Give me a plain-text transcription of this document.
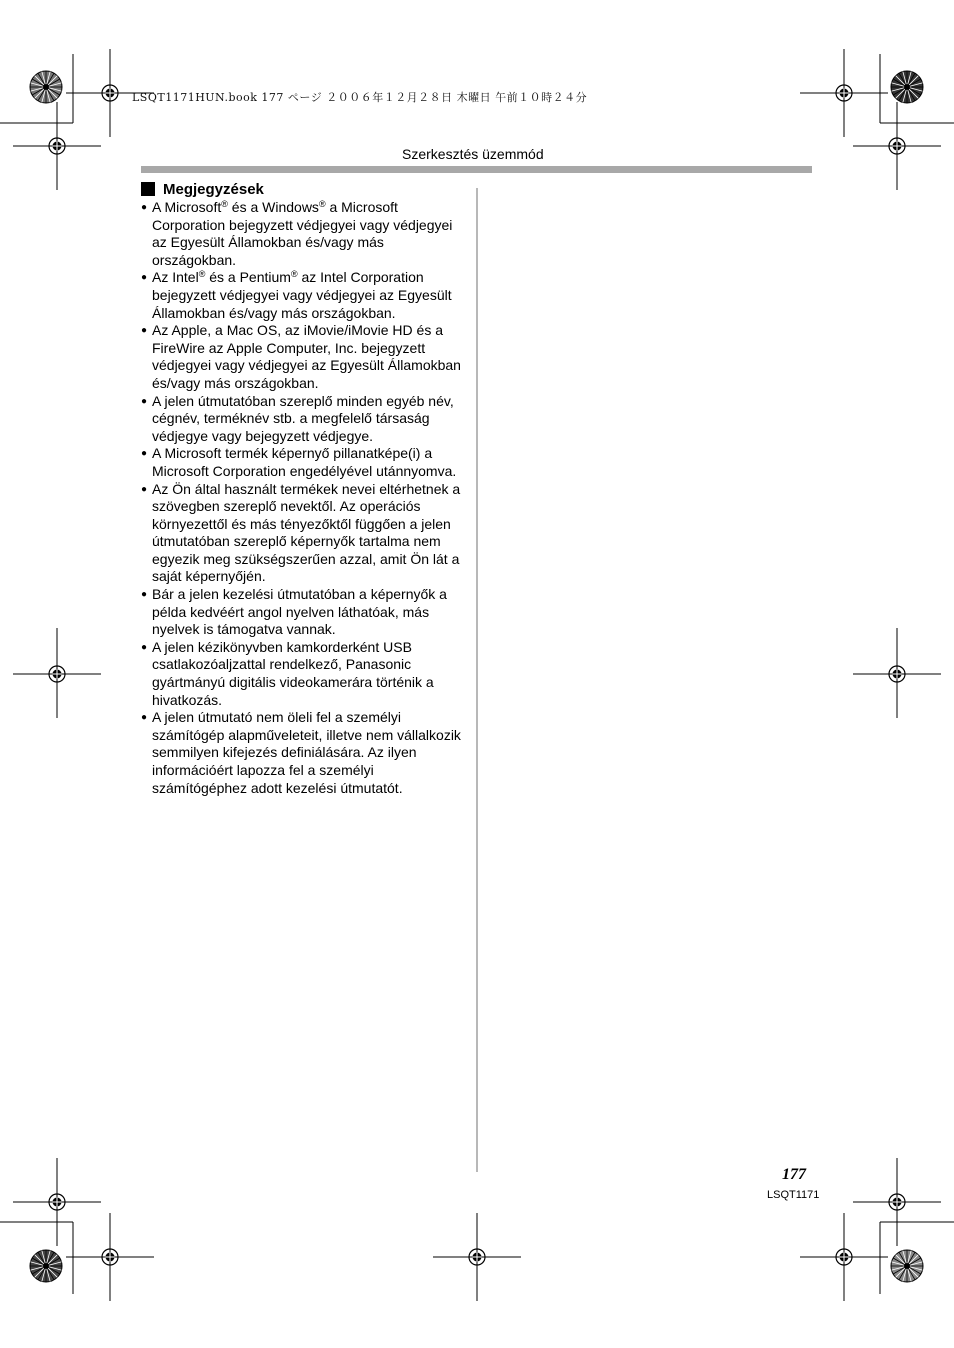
LSQT1171HUN.book 177 ページ ２００６年１２月２８日 木曜日 午前１０時２４分
Szerkesztés üzemmód
Megjegyzések
● A Microsoft® és a Windows® a Microsoft Corporation bejegyzett védjegyei vagy védjegyei az Egyesült Államokban és/vagy más országokban.
● Az Intel® és a Pentium® az Intel Corporation bejegyzett védjegyei vagy védjegyei az Egyesült Államokban és/vagy más országokban.
● Az Apple, a Mac OS, az iMovie/iMovie HD és a FireWire az Apple Computer, Inc. bejegyzett védjegyei vagy védjegyei az Egyesült Államokban és/vagy más országokban.
● A jelen útmutatóban szereplő minden egyéb név, cégnév, terméknév stb. a megfelelő társaság védjegye vagy bejegyzett védjegye.
● A Microsoft termék képernyő pillanatképe(i) a Microsoft Corporation engedélyével utánnyomva.
● Az Ön által használt termékek nevei eltérhetnek a szövegben szereplő nevektől. Az operációs környezettől és más tényezőktől függően a jelen útmutatóban szereplő képernyők tartalma nem egyezik meg szükségszerűen azzal, amit Ön lát a saját képernyőjén.
● Bár a jelen kezelési útmutatóban a képernyők a példa kedvéért angol nyelven láthatóak, más nyelvek is támogatva vannak.
● A jelen kézikönyvben kamkorderként USB csatlakozóaljzattal rendelkező, Panasonic gyártmányú digitális videokamerára történik a hivatkozás.
● A jelen útmutató nem öleli fel a személyi számítógép alapműveleteit, illetve nem vállalkozik semmilyen kifejezés definiálására. Az ilyen információért lapozza fel a személyi számítógéphez adott kezelési útmutatót.
177
LSQT1171
